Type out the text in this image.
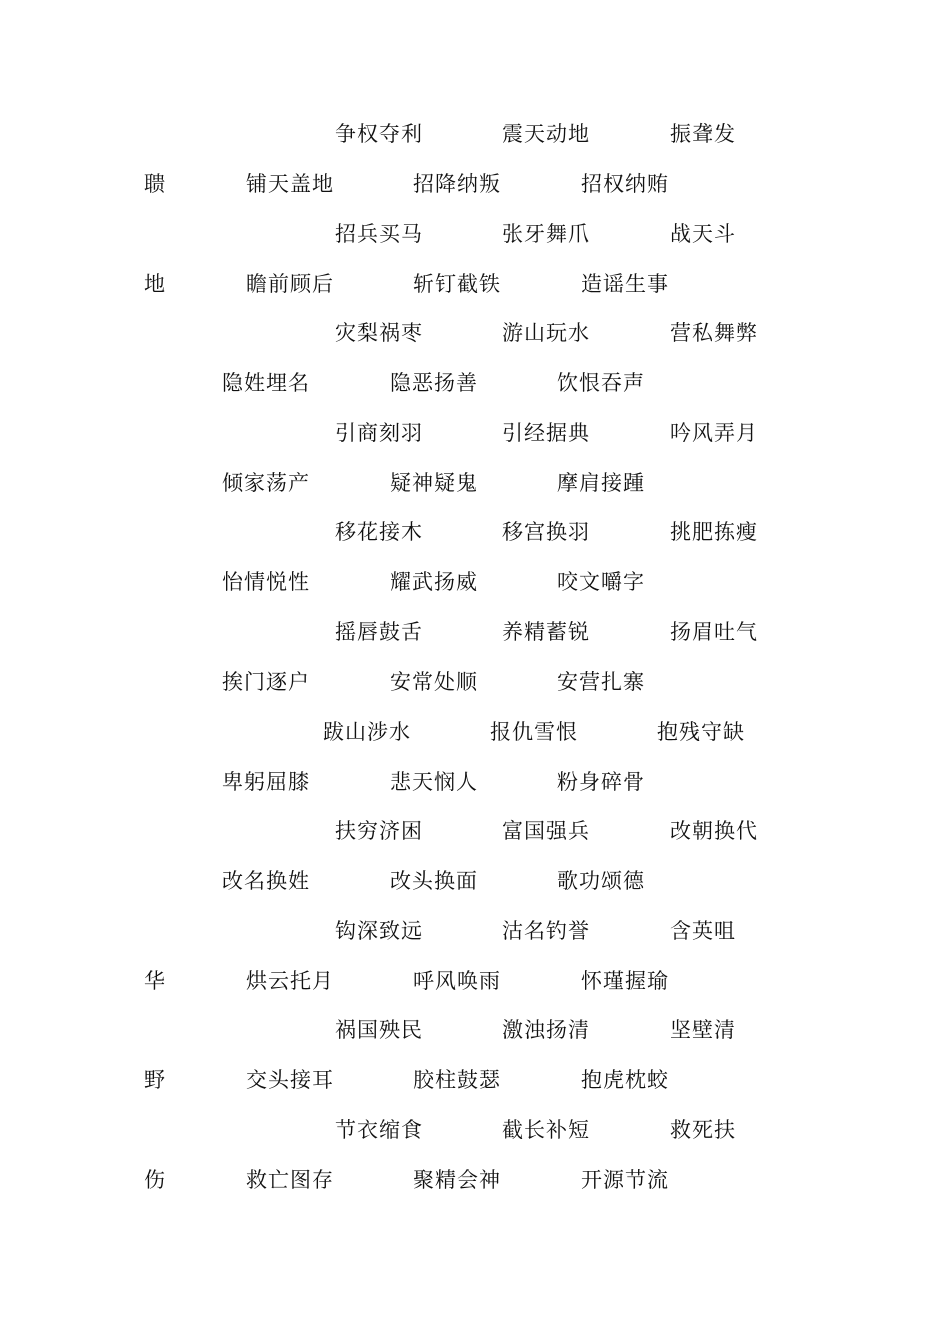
争权夺利	震天动地	振聋发
聩	铺天盖地	招降纳叛	招权纳贿
招兵买马	张牙舞爪	战天斗
地	瞻前顾后	斩钉截铁	造谣生事
灾梨祸枣	游山玩水	营私舞弊
隐姓埋名	隐恶扬善	饮恨吞声
引商刻羽	引经据典	吟风弄月
倾家荡产	疑神疑鬼	摩肩接踵
移花接木	移宫换羽	挑肥拣瘦
怡情悦性	耀武扬威	咬文嚼字
摇唇鼓舌	养精蓄锐	扬眉吐气
挨门逐户	安常处顺	安营扎寨
跋山涉水	报仇雪恨	抱残守缺
卑躬屈膝	悲天悯人	粉身碎骨
扶穷济困	富国强兵	改朝换代
改名换姓	改头换面	歌功颂德
钩深致远	沽名钓誉	含英咀
华	烘云托月	呼风唤雨	怀瑾握瑜
祸国殃民	激浊扬清	坚壁清
野	交头接耳	胶柱鼓瑟	抱虎枕蛟
节衣缩食	截长补短	救死扶
伤	救亡图存	聚精会神	开源节流
